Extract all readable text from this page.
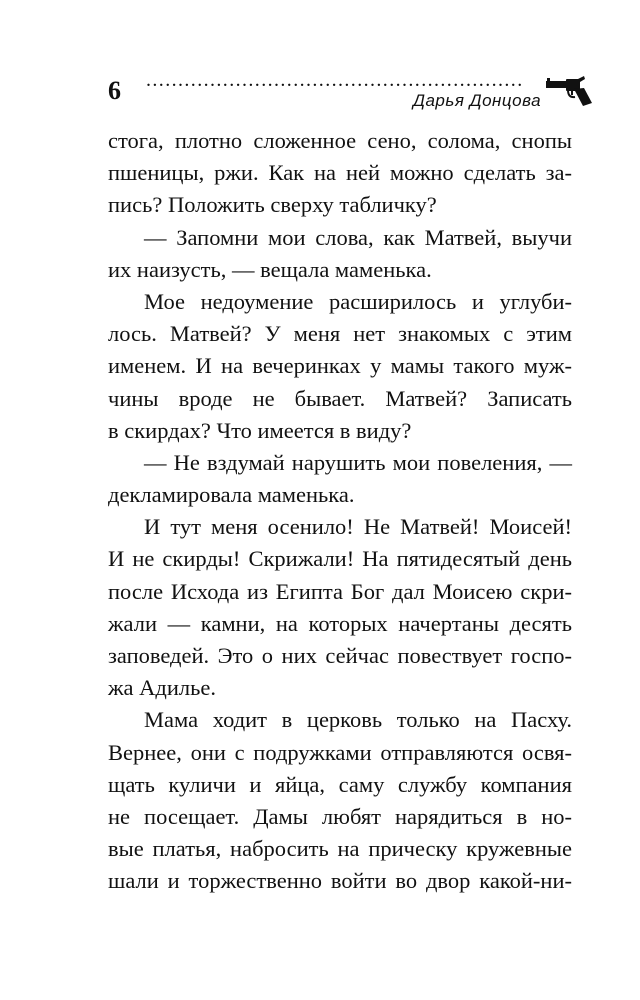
6 ...........................................................
Дарья Донцова
стога, плотно сложенное сено, солома, снопы
пшеницы, ржи. Как на ней можно сделать за-
пись? Положить сверху табличку?
— Запомни мои слова, как Матвей, выучи
их наизусть, — вещала маменька.
Мое недоумение расширилось и углуби-
лось. Матвей? У меня нет знакомых с этим
именем. И на вечеринках у мамы такого муж-
чины вроде не бывает. Матвей? Записать
в скирдах? Что имеется в виду?
— Не вздумай нарушить мои повеления, —
декламировала маменька.
И тут меня осенило! Не Матвей! Моисей!
И не скирды! Скрижали! На пятидесятый день
после Исхода из Египта Бог дал Моисею скри-
жали — камни, на которых начертаны десять
заповедей. Это о них сейчас повествует госпо-
жа Адилье.
Мама ходит в церковь только на Пасху.
Вернее, они с подружками отправляются освя-
щать куличи и яйца, саму службу компания
не посещает. Дамы любят нарядиться в но-
вые платья, набросить на прическу кружевные
шали и торжественно войти во двор какой-ни-
